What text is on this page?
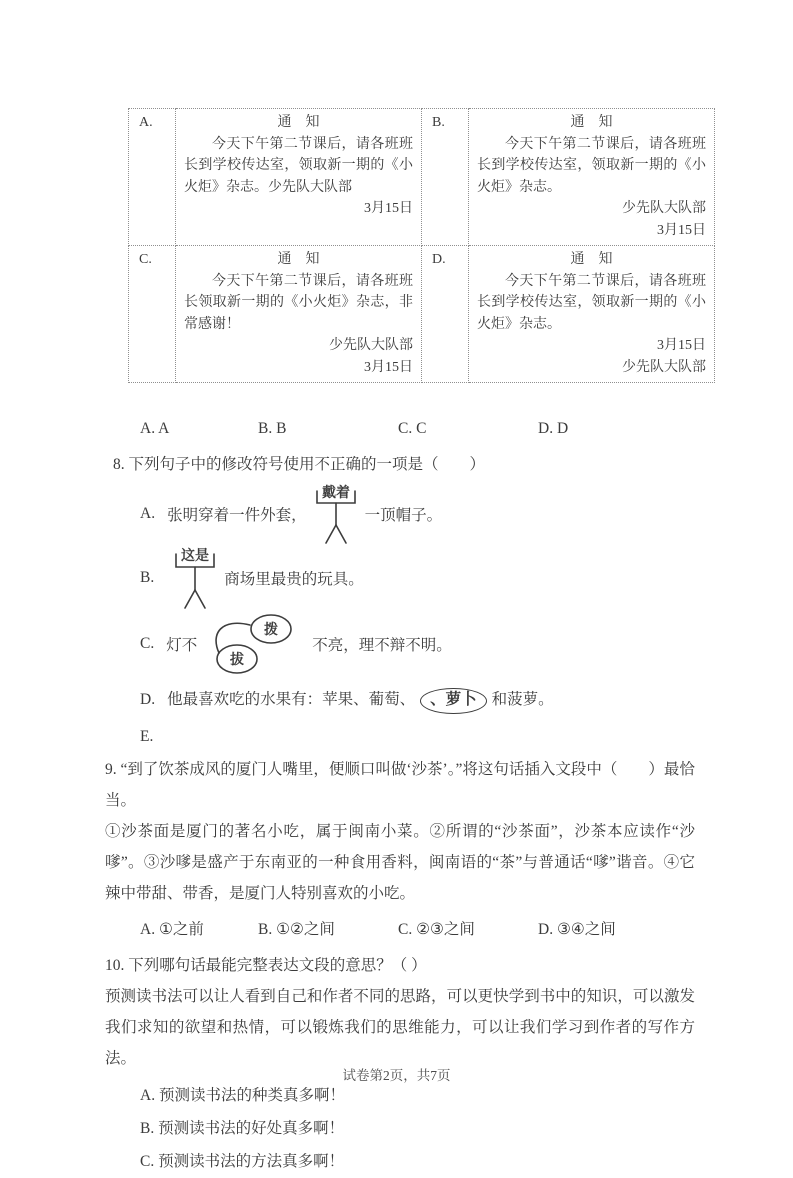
A.	通　知
今天下午第二节课后，请各班班长到学校传达室，领取新一期的《小火炬》杂志。少先队大队部
3月15日
	B.	通　知
今天下午第二节课后，请各班班长到学校传达室，领取新一期的《小火炬》杂志。
少先队大队部
3月15日

C.	通　知
今天下午第二节课后，请各班班长领取新一期的《小火炬》杂志，非常感谢！
少先队大队部
3月15日
	D.	通　知
今天下午第二节课后，请各班班长到学校传达室，领取新一期的《小火炬》杂志。
3月15日
少先队大队部
A. A	B. B	C. C	D. D
8. 下列句子中的修改符号使用不正确的一项是（　　）
A. 张明穿着一件外套，
戴着
一顶帽子。
B.
这是
商场里最贵的玩具。
C. 灯不
拔
拨
不亮，理不辩不明。
D. 他最喜欢吃的水果有：苹果、葡萄、 、萝卜 和菠萝。
E.
9. “到了饮茶成风的厦门人嘴里，便顺口叫做‘沙茶’。”将这句话插入文段中（　　）最恰当。
①沙茶面是厦门的著名小吃，属于闽南小菜。②所谓的“沙茶面”，沙茶本应读作“沙嗲”。③沙嗲是盛产于东南亚的一种食用香料，闽南语的“茶”与普通话“嗲”谐音。④它辣中带甜、带香，是厦门人特别喜欢的小吃。
A. ①之前	B. ①②之间	C. ②③之间	D. ③④之间
10. 下列哪句话最能完整表达文段的意思？（ ）
预测读书法可以让人看到自己和作者不同的思路，可以更快学到书中的知识，可以激发我们求知的欲望和热情，可以锻炼我们的思维能力，可以让我们学习到作者的写作方法。
A. 预测读书法的种类真多啊！
B. 预测读书法的好处真多啊！
C. 预测读书法的方法真多啊！
试卷第2页，共7页
